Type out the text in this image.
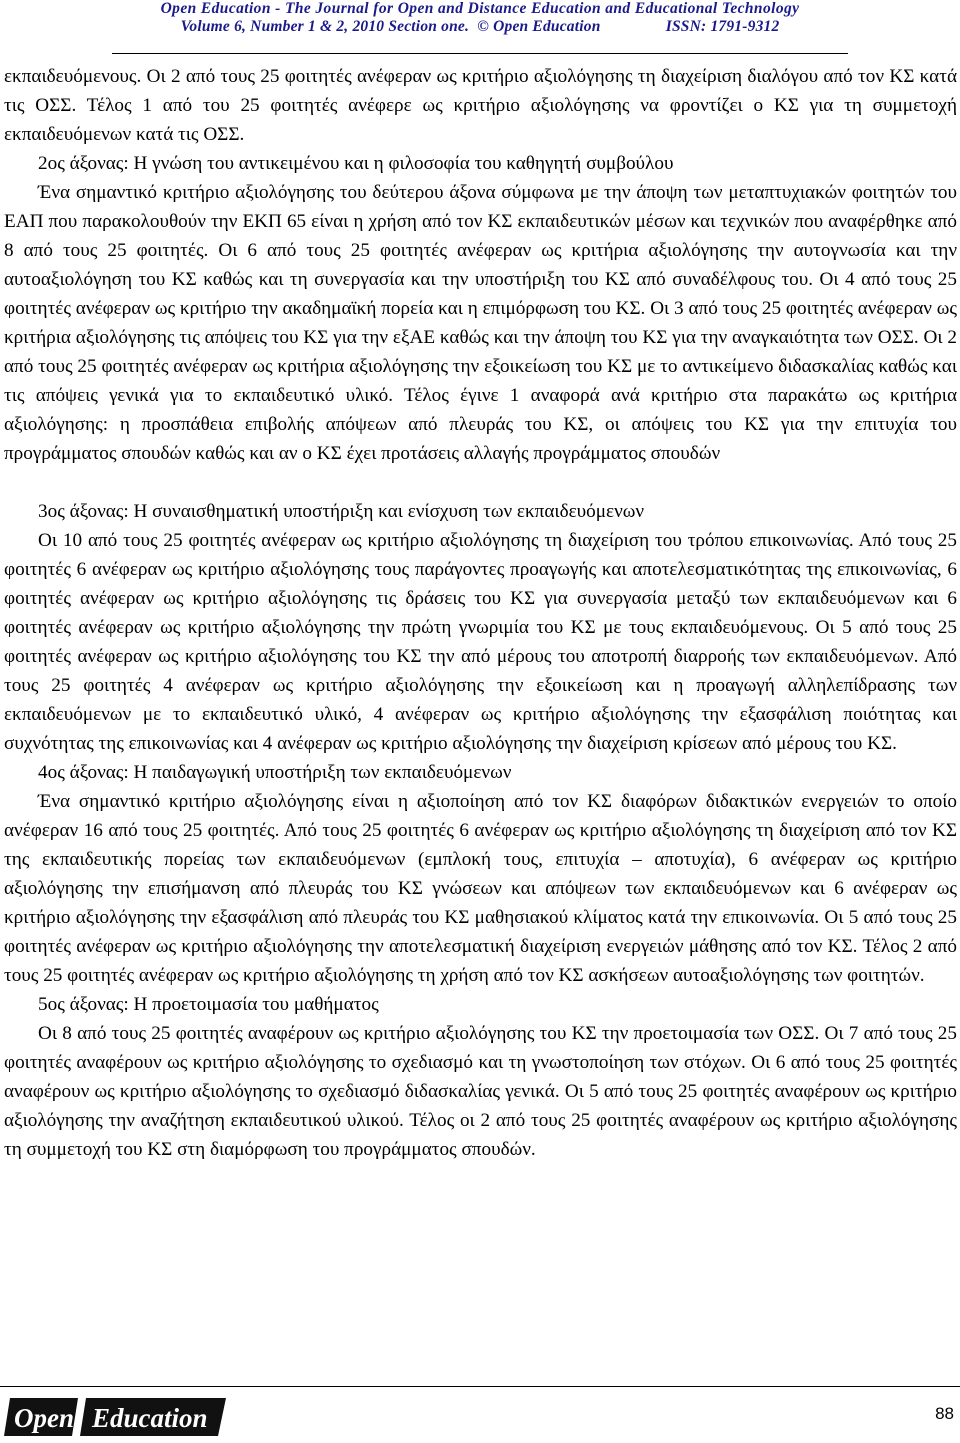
Open Education - The Journal for Open and Distance Education and Educational Technology
Volume 6, Number 1 & 2, 2010 Section one. © Open Education	ISSN: 1791-9312

εκπαιδευόμενους. Οι 2 από τους 25 φοιτητές ανέφεραν ως κριτήριο αξιολόγησης τη διαχείριση διαλόγου από τον ΚΣ κατά τις ΟΣΣ. Τέλος 1 από του 25 φοιτητές ανέφερε ως κριτήριο αξιολόγησης να φροντίζει ο ΚΣ για τη συμμετοχή εκπαιδευόμενων κατά τις ΟΣΣ.

2ος άξονας: Η γνώση του αντικειμένου και η φιλοσοφία του καθηγητή συμβούλου

Ένα σημαντικό κριτήριο αξιολόγησης του δεύτερου άξονα σύμφωνα με την άποψη των μεταπτυχιακών φοιτητών του ΕΑΠ που παρακολουθούν την ΕΚΠ 65 είναι η χρήση από τον ΚΣ εκπαιδευτικών μέσων και τεχνικών που αναφέρθηκε από 8 από τους 25 φοιτητές. Οι 6 από τους 25 φοιτητές ανέφεραν ως κριτήρια αξιολόγησης την αυτογνωσία και την αυτοαξιολόγηση του ΚΣ καθώς και τη συνεργασία και την υποστήριξη του ΚΣ από συναδέλφους του. Οι 4 από τους 25 φοιτητές ανέφεραν ως κριτήριο την ακαδημαϊκή πορεία και η επιμόρφωση του ΚΣ. Οι 3 από τους 25 φοιτητές ανέφεραν ως κριτήρια αξιολόγησης τις απόψεις του ΚΣ για την εξΑΕ καθώς και την άποψη του ΚΣ για την αναγκαιότητα των ΟΣΣ. Οι 2 από τους 25 φοιτητές ανέφεραν ως κριτήρια αξιολόγησης την εξοικείωση του ΚΣ με το αντικείμενο διδασκαλίας καθώς και τις απόψεις γενικά για το εκπαιδευτικό υλικό. Τέλος έγινε 1 αναφορά ανά κριτήριο στα παρακάτω ως κριτήρια αξιολόγησης: η προσπάθεια επιβολής απόψεων από πλευράς του ΚΣ, οι απόψεις του ΚΣ για την επιτυχία του προγράμματος σπουδών καθώς και αν ο ΚΣ έχει προτάσεις αλλαγής προγράμματος σπουδών

3ος άξονας: Η συναισθηματική υποστήριξη και ενίσχυση των εκπαιδευόμενων

Οι 10 από τους 25 φοιτητές ανέφεραν ως κριτήριο αξιολόγησης τη διαχείριση του τρόπου επικοινωνίας. Από τους 25 φοιτητές 6 ανέφεραν ως κριτήριο αξιολόγησης τους παράγοντες προαγωγής και αποτελεσματικότητας της επικοινωνίας, 6 φοιτητές ανέφεραν ως κριτήριο αξιολόγησης τις δράσεις του ΚΣ για συνεργασία μεταξύ των εκπαιδευόμενων και 6 φοιτητές ανέφεραν ως κριτήριο αξιολόγησης την πρώτη γνωριμία του ΚΣ με τους εκπαιδευόμενους. Οι 5 από τους 25 φοιτητές ανέφεραν ως κριτήριο αξιολόγησης του ΚΣ την από μέρους του αποτροπή διαρροής των εκπαιδευόμενων. Από τους 25 φοιτητές 4 ανέφεραν ως κριτήριο αξιολόγησης την εξοικείωση και η προαγωγή αλληλεπίδρασης των εκπαιδευόμενων με το εκπαιδευτικό υλικό, 4 ανέφεραν ως κριτήριο αξιολόγησης την εξασφάλιση ποιότητας και συχνότητας της επικοινωνίας και 4 ανέφεραν ως κριτήριο αξιολόγησης την διαχείριση κρίσεων από μέρους του ΚΣ.

4ος άξονας: Η παιδαγωγική υποστήριξη των εκπαιδευόμενων

Ένα σημαντικό κριτήριο αξιολόγησης είναι η αξιοποίηση από τον ΚΣ διαφόρων διδακτικών ενεργειών το οποίο ανέφεραν 16 από τους 25 φοιτητές. Από τους 25 φοιτητές 6 ανέφεραν ως κριτήριο αξιολόγησης τη διαχείριση από τον ΚΣ της εκπαιδευτικής πορείας των εκπαιδευόμενων (εμπλοκή τους, επιτυχία – αποτυχία), 6 ανέφεραν ως κριτήριο αξιολόγησης την επισήμανση από πλευράς του ΚΣ γνώσεων και απόψεων των εκπαιδευόμενων και 6 ανέφεραν ως κριτήριο αξιολόγησης την εξασφάλιση από πλευράς του ΚΣ μαθησιακού κλίματος κατά την επικοινωνία. Οι 5 από τους 25 φοιτητές ανέφεραν ως κριτήριο αξιολόγησης την αποτελεσματική διαχείριση ενεργειών μάθησης από τον ΚΣ. Τέλος 2 από τους 25 φοιτητές ανέφεραν ως κριτήριο αξιολόγησης τη χρήση από τον ΚΣ ασκήσεων αυτοαξιολόγησης των φοιτητών.

5ος άξονας: Η προετοιμασία του μαθήματος

Οι 8 από τους 25 φοιτητές αναφέρουν ως κριτήριο αξιολόγησης του ΚΣ την προετοιμασία των ΟΣΣ. Οι 7 από τους 25 φοιτητές αναφέρουν ως κριτήριο αξιολόγησης το σχεδιασμό και τη γνωστοποίηση των στόχων. Οι 6 από τους 25 φοιτητές αναφέρουν ως κριτήριο αξιολόγησης το σχεδιασμό διδασκαλίας γενικά. Οι 5 από τους 25 φοιτητές αναφέρουν ως κριτήριο αξιολόγησης την αναζήτηση εκπαιδευτικού υλικού. Τέλος οι 2 από τους 25 φοιτητές αναφέρουν ως κριτήριο αξιολόγησης τη συμμετοχή του ΚΣ στη διαμόρφωση του προγράμματος σπουδών.

Open Education	88
